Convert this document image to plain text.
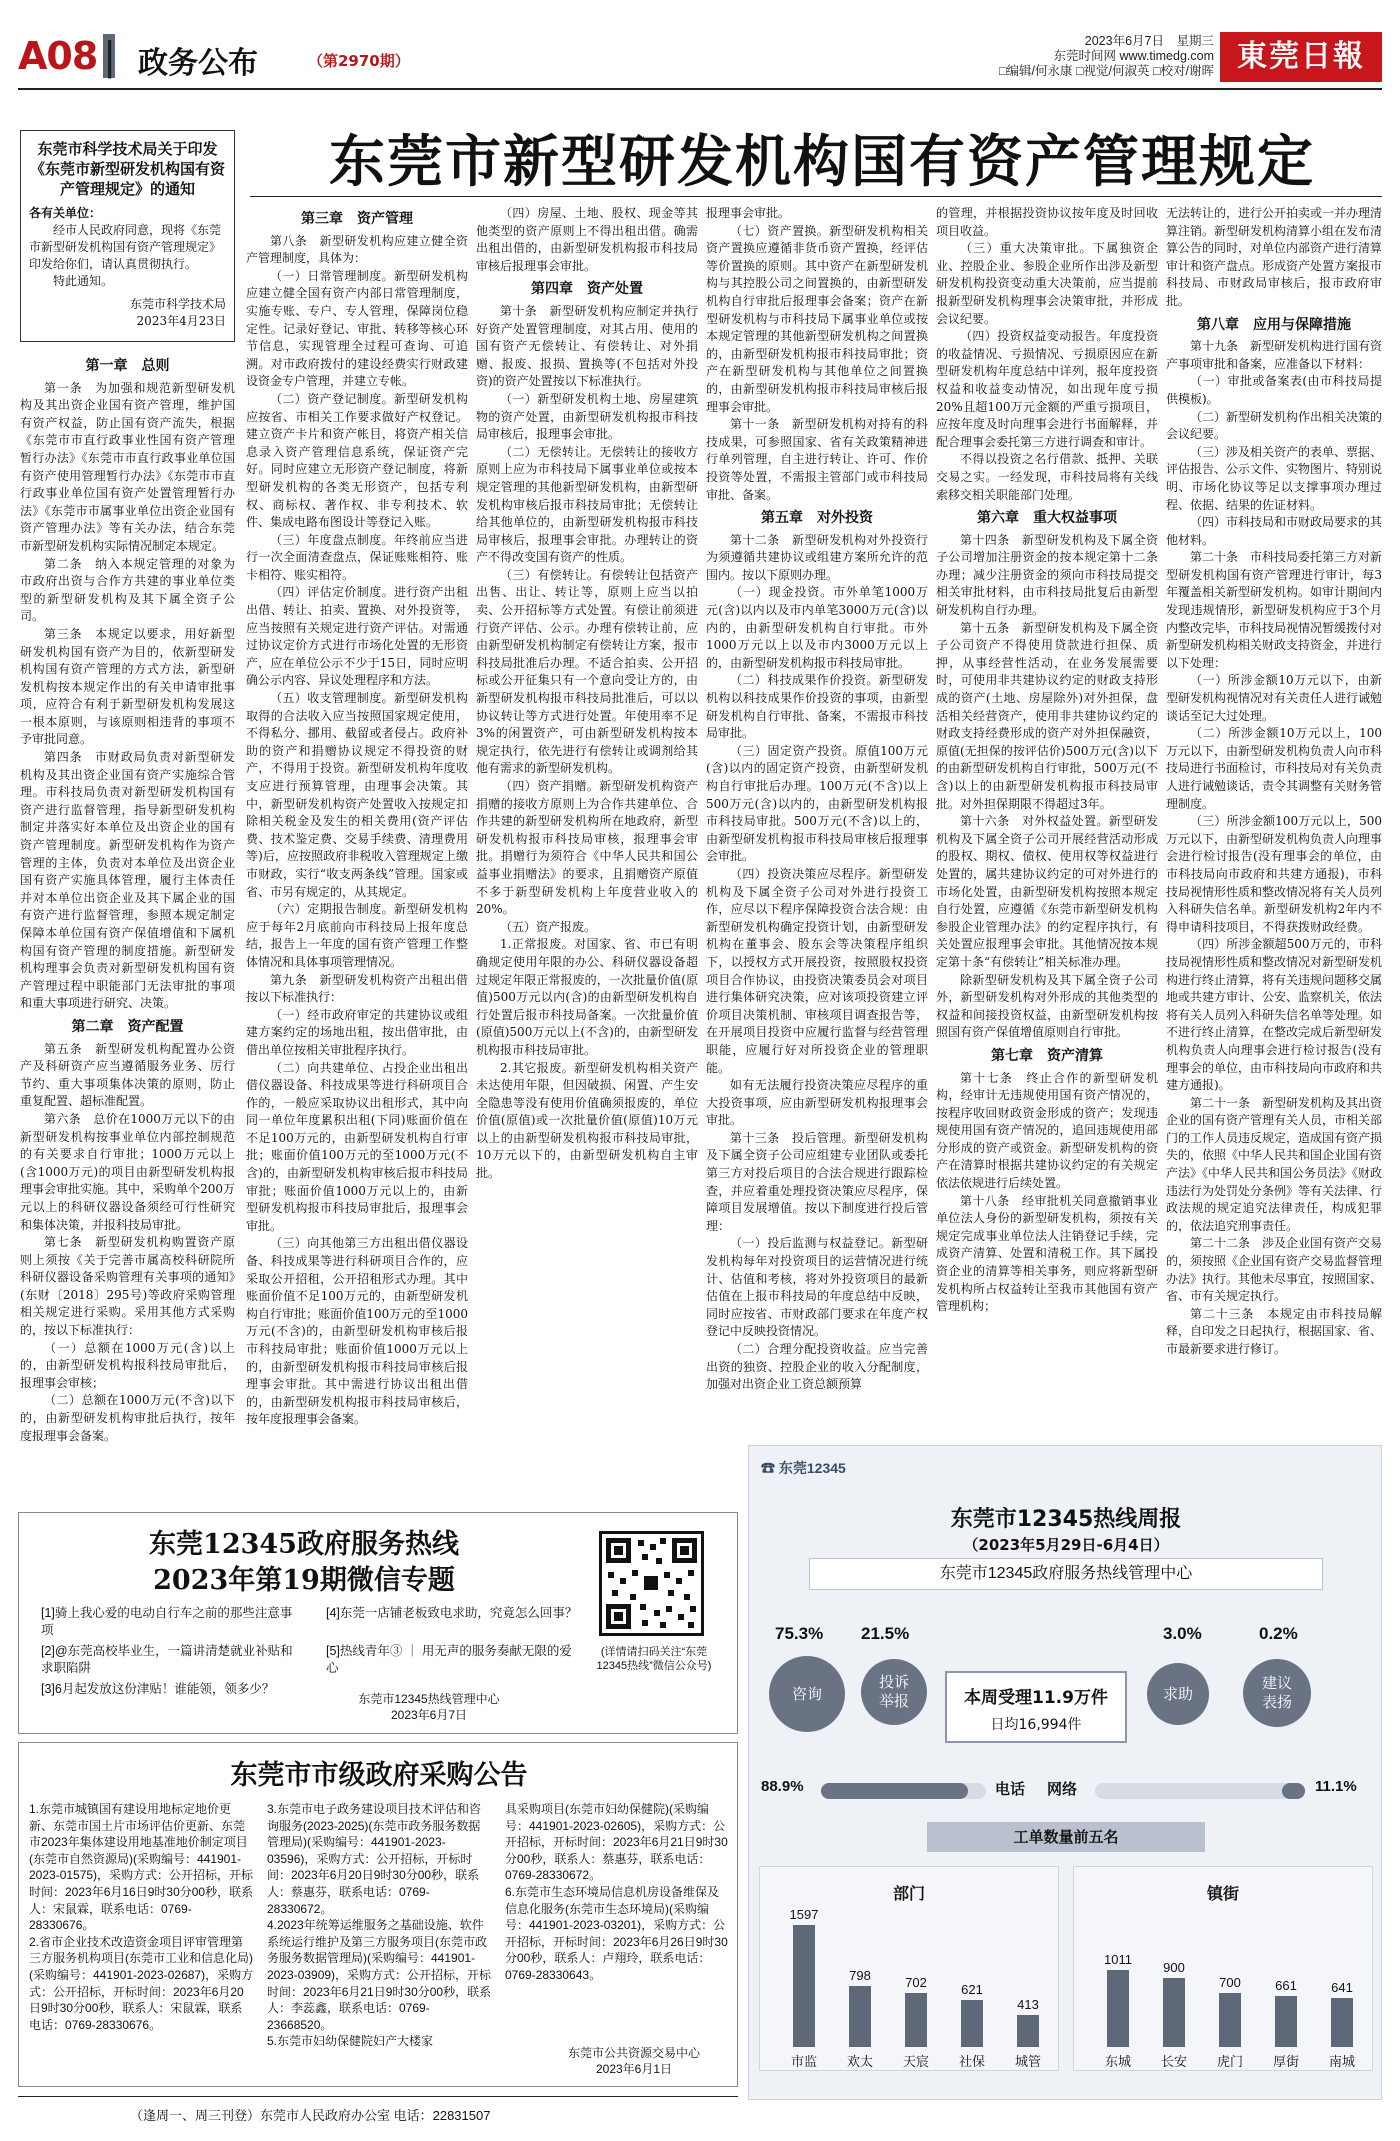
A08 | 政务公布	（第2970期）
2023年6月7日　星期三
东莞时间网 www.timedg.com
□编辑/何永康 □视觉/何淑英 □校对/谢晖 東莞日報
东莞市科学技术局关于印发《东莞市新型研发机构国有资产管理规定》的通知

各有关单位：

经市人民政府同意，现将《东莞市新型研发机构国有资产管理规定》印发给你们，请认真贯彻执行。

特此通知。

东莞市科学技术局

2023年4月23日

东莞市新型研发机构国有资产管理规定
第一章　总则

第一条　为加强和规范新型研发机构及其出资企业国有资产管理，维护国有资产权益，防止国有资产流失，根据《东莞市市直行政事业性国有资产管理暂行办法》《东莞市市直行政事业单位国有资产使用管理暂行办法》《东莞市市直行政事业单位国有资产处置管理暂行办法》《东莞市市属事业单位出资企业国有资产管理办法》等有关办法，结合东莞市新型研发机构实际情况制定本规定。

第二条　纳入本规定管理的对象为市政府出资与合作方共建的事业单位类型的新型研发机构及其下属全资子公司。

第三条　本规定以要求，用好新型研发机构国有资产为目的，依新型研发机构国有资产管理的方式方法，新型研发机构按本规定作出的有关申请审批事项，应符合有利于新型研发机构发展这一根本原则，与该原则相违背的事项不予审批同意。

第四条　市财政局负责对新型研发机构及其出资企业国有资产实施综合管理。市科技局负责对新型研发机构国有资产进行监督管理，指导新型研发机构制定并落实好本单位及出资企业的国有资产管理制度。新型研发机构作为资产管理的主体，负责对本单位及出资企业国有资产实施具体管理，履行主体责任并对本单位出资企业及其下属企业的国有资产进行监督管理，参照本规定制定保障本单位国有资产保值增值和下属机构国有资产管理的制度措施。新型研发机构理事会负责对新型研发机构国有资产管理过程中职能部门无法审批的事项和重大事项进行研究、决策。

第二章　资产配置

第五条　新型研发机构配置办公资产及科研资产应当遵循服务业务、厉行节约、重大事项集体决策的原则，防止重复配置、超标准配置。

第六条　总价在1000万元以下的由新型研发机构按事业单位内部控制规范的有关要求自行审批；1000万元以上(含1000万元)的项目由新型研发机构报理事会审批实施。其中，采购单个200万元以上的科研仪器设备须经可行性研究和集体决策，并报科技局审批。

第七条　新型研发机构购置资产原则上须按《关于完善市属高校科研院所科研仪器设备采购管理有关事项的通知》(东财〔2018〕295号)等政府采购管理相关规定进行采购。采用其他方式采购的，按以下标准执行：

（一）总额在1000万元(含)以上的，由新型研发机构报科技局审批后，报理事会审核；

（二）总额在1000万元(不含)以下的，由新型研发机构审批后执行，按年度报理事会备案。

第三章　资产管理

第八条　新型研发机构应建立健全资产管理制度，具体为：

（一）日常管理制度。新型研发机构应建立健全国有资产内部日常管理制度，实施专账、专户、专人管理，保障岗位稳定性。记录好登记、审批、转移等核心环节信息，实现管理全过程可查询、可追溯。对市政府拨付的建设经费实行财政建设资金专户管理，并建立专帐。

（二）资产登记制度。新型研发机构应按省、市相关工作要求做好产权登记。建立资产卡片和资产帐目，将资产相关信息录入资产管理信息系统，保证资产完好。同时应建立无形资产登记制度，将新型研发机构的各类无形资产，包括专利权、商标权、著作权、非专利技术、软件、集成电路布图设计等登记入账。

（三）年度盘点制度。年终前应当进行一次全面清查盘点，保证账账相符、账卡相符、账实相符。

（四）评估定价制度。进行资产出租出借、转让、拍卖、置换、对外投资等，应当按照有关规定进行资产评估。对需通过协议定价方式进行市场化处置的无形资产，应在单位公示不少于15日，同时应明确公示内容、异议处理程序和方法。

（五）收支管理制度。新型研发机构取得的合法收入应当按照国家规定使用，不得私分、挪用、截留或者侵占。政府补助的资产和捐赠协议规定不得投资的财产，不得用于投资。新型研发机构年度收支应进行预算管理，由理事会决策。其中，新型研发机构资产处置收入按规定扣除相关税金及发生的相关费用(资产评估费、技术鉴定费、交易手续费、清理费用等)后，应按照政府非税收入管理规定上缴市财政，实行“收支两条线”管理。国家或省、市另有规定的，从其规定。

（六）定期报告制度。新型研发机构应于每年2月底前向市科技局上报年度总结，报告上一年度的国有资产管理工作整体情况和具体事项管理情况。

第九条　新型研发机构资产出租出借按以下标准执行：

（一）经市政府审定的共建协议或组建方案约定的场地出租，按出借审批，由借出单位按相关审批程序执行。

（二）向共建单位、占投企业出租出借仪器设备、科技成果等进行科研项目合作的，一般应采取协议出租形式，其中向同一单位年度累积出租(下同)账面价值在不足100万元的，由新型研发机构自行审批；账面价值100万元的至1000万元(不含)的，由新型研发机构审核后报市科技局审批；账面价值1000万元以上的，由新型研发机构报市科技局审批后，报理事会审批。

（三）向其他第三方出租出借仪器设备、科技成果等进行科研项目合作的，应采取公开招租，公开招租形式办理。其中账面价值不足100万元的，由新型研发机构自行审批；账面价值100万元的至1000万元(不含)的，由新型研发机构审核后报市科技局审批；账面价值1000万元以上的，由新型研发机构报市科技局审核后报理事会审批。其中需进行协议出租出借的，由新型研发机构报市科技局审核后，按年度报理事会备案。

（四）房屋、土地、股权、现金等其他类型的资产原则上不得出租出借。确需出租出借的，由新型研发机构报市科技局审核后报理事会审批。

第四章　资产处置

第十条　新型研发机构应制定并执行好资产处置管理制度，对其占用、使用的国有资产无偿转让、有偿转让、对外捐赠、报废、报损、置换等(不包括对外投资)的资产处置按以下标准执行。

（一）新型研发机构土地、房屋建筑物的资产处置，由新型研发机构报市科技局审核后，报理事会审批。

（二）无偿转让。无偿转让的接收方原则上应为市科技局下属事业单位或按本规定管理的其他新型研发机构，由新型研发机构审核后报市科技局审批；无偿转让给其他单位的，由新型研发机构报市科技局审核后，报理事会审批。办理转让的资产不得改变国有资产的性质。

（三）有偿转让。有偿转让包括资产出售、出让、转让等，原则上应当以拍卖、公开招标等方式处置。有偿让前须进行资产评估、公示。办理有偿转让前，应由新型研发机构制定有偿转让方案，报市科技局批准后办理。不适合拍卖、公开招标或公开征集只有一个意向受让方的，由新型研发机构报市科技局批准后，可以以协议转让等方式进行处置。年使用率不足3%的闲置资产，可由新型研发机构按本规定执行，依先进行有偿转让或调剂给其他有需求的新型研发机构。

（四）资产捐赠。新型研发机构资产捐赠的接收方原则上为合作共建单位、合作共建的新型研发机构所在地政府，新型研发机构报市科技局审核，报理事会审批。捐赠行为须符合《中华人民共和国公益事业捐赠法》的要求，且捐赠资产原值不多于新型研发机构上年度营业收入的20%。

（五）资产报废。

1.正常报废。对国家、省、市已有明确规定使用年限的办公、科研仪器设备超过规定年限正常报废的，一次批量价值(原值)500万元以内(含)的由新型研发机构自行处置后报市科技局备案。一次批量价值(原值)500万元以上(不含)的，由新型研发机构报市科技局审批。

2.其它报废。新型研发机构相关资产未达使用年限，但因破损、闲置、产生安全隐患等没有使用价值确须报废的，单位价值(原值)或一次批量价值(原值)10万元以上的由新型研发机构报市科技局审批，10万元以下的，由新型研发机构自主审批。

报理事会审批。

（七）资产置换。新型研发机构相关资产置换应遵循非货币资产置换，经评估等价置换的原则。其中资产在新型研发机构与其控股公司之间置换的，由新型研发机构自行审批后报理事会备案；资产在新型研发机构与市科技局下属事业单位或按本规定管理的其他新型研发机构之间置换的，由新型研发机构报市科技局审批；资产在新型研发机构与其他单位之间置换的，由新型研发机构报市科技局审核后报理事会审批。

第十一条　新型研发机构对持有的科技成果，可参照国家、省有关政策精神进行单列管理，自主进行转让、许可、作价投资等处置，不需报主管部门或市科技局审批、备案。

第五章　对外投资

第十二条　新型研发机构对外投资行为须遵循共建协议或组建方案所允许的范围内。按以下原则办理。

（一）现金投资。市外单笔1000万元(含)以内以及市内单笔3000万元(含)以内的，由新型研发机构自行审批。市外1000万元以上以及市内3000万元以上的，由新型研发机构报市科技局审批。

（二）科技成果作价投资。新型研发机构以科技成果作价投资的事项，由新型研发机构自行审批、备案，不需报市科技局审批。

（三）固定资产投资。原值100万元(含)以内的固定资产投资，由新型研发机构自行审批后办理。100万元(不含)以上500万元(含)以内的，由新型研发机构报市科技局审批。500万元(不含)以上的，由新型研发机构报市科技局审核后报理事会审批。

（四）投资决策应尽程序。新型研发机构及下属全资子公司对外进行投资工作，应尽以下程序保障投资合法合规：由新型研发机构确定投资计划，由新型研发机构在董事会、股东会等决策程序组织下，以授权方式开展投资，按照股权投资项目合作协议，由投资决策委员会对项目进行集体研究决策，应对该项投资建立评价项目决策机制、审核项目调查报告等，在开展项目投资中应履行监督与经营管理职能，应履行好对所投资企业的管理职能。

如有无法履行投资决策应尽程序的重大投资事项，应由新型研发机构报理事会审批。

第十三条　投后管理。新型研发机构及下属全资子公司应组建专业团队或委托第三方对投后项目的合法合规进行跟踪检查，并应着重处理投资决策应尽程序，保障项目发展增值。按以下制度进行投后管理：

（一）投后监测与权益登记。新型研发机构每年对投资项目的运营情况进行统计、估值和考核，将对外投资项目的最新估值在上报市科技局的年度总结中反映，同时应按省、市财政部门要求在年度产权登记中反映投资情况。

（二）合理分配投资收益。应当完善出资的独资、控股企业的收入分配制度，加强对出资企业工资总额预算

的管理，并根据投资协议按年度及时回收项目收益。

（三）重大决策审批。下属独资企业、控股企业、参股企业所作出涉及新型研发机构投资变动重大决策前，应当提前报新型研发机构理事会决策审批，并形成会议纪要。

（四）投资权益变动报告。年度投资的收益情况、亏损情况、亏损原因应在新型研发机构年度总结中详列，报年度投资权益和收益变动情况，如出现年度亏损20%且超100万元金额的严重亏损项目，应按年度及时向理事会进行书面解释，并配合理事会委托第三方进行调查和审计。

不得以投资之名行借款、抵押、关联交易之实。一经发现，市科技局将有关线索移交相关职能部门处理。

第六章　重大权益事项

第十四条　新型研发机构及下属全资子公司增加注册资金的按本规定第十二条办理；减少注册资金的须向市科技局提交相关审批材料，由市科技局批复后由新型研发机构自行办理。

第十五条　新型研发机构及下属全资子公司资产不得使用贷款进行担保、质押，从事经营性活动，在业务发展需要时，可使用非共建协议约定的财政支持形成的资产(土地、房屋除外)对外担保，盘活相关经营资产，使用非共建协议约定的财政支持经费形成的资产对外担保融资，原值(无担保的按评估价)500万元(含)以下的由新型研发机构自行审批，500万元(不含)以上的由新型研发机构报市科技局审批。对外担保期限不得超过3年。

第十六条　对外权益处置。新型研发机构及下属全资子公司开展经营活动形成的股权、期权、债权、使用权等权益进行处置的，属共建协议约定的可对外进行的市场化处置，由新型研发机构按照本规定自行处置，应遵循《东莞市新型研发机构参股企业管理办法》的约定程序执行，有关处置应报理事会审批。其他情况按本规定第十条“有偿转让”相关标准办理。

除新型研发机构及其下属全资子公司外，新型研发机构对外形成的其他类型的权益和间接投资权益，由新型研发机构按照国有资产保值增值原则自行审批。

第七章　资产清算

第十七条　终止合作的新型研发机构，经审计无违规使用国有资产情况的，按程序收回财政资金形成的资产；发现违规使用国有资产情况的，追回违规使用部分形成的资产或资金。新型研发机构的资产在清算时根据共建协议约定的有关规定依法依规进行后续处置。

第十八条　经审批机关同意撤销事业单位法人身份的新型研发机构，须按有关规定完成事业单位法人注销登记手续，完成资产清算、处置和清税工作。其下属投资企业的清算等相关事务，则应将新型研发机构所占权益转让至我市其他国有资产管理机构；

无法转让的，进行公开拍卖或一并办理清算注销。新型研发机构清算小组在发布清算公告的同时，对单位内部资产进行清算审计和资产盘点。形成资产处置方案报市科技局、市财政局审核后，报市政府审批。

第八章　应用与保障措施

第十九条　新型研发机构进行国有资产事项审批和备案，应准备以下材料：

（一）审批或备案表(由市科技局提供模板)。

（二）新型研发机构作出相关决策的会议纪要。

（三）涉及相关资产的表单、票据、评估报告、公示文件、实物图片、特别说明、市场化协议等足以支撑事项办理过程、依据、结果的佐证材料。

（四）市科技局和市财政局要求的其他材料。

第二十条　市科技局委托第三方对新型研发机构国有资产管理进行审计，每3年覆盖相关新型研发机构。如审计期间内发现违规情形，新型研发机构应于3个月内整改完毕，市科技局视情况暂缓拨付对新型研发机构相关财政支持资金，并进行以下处理：

（一）所涉金额10万元以下，由新型研发机构视情况对有关责任人进行诫勉谈话至记大过处理。

（二）所涉金额10万元以上，100万元以下，由新型研发机构负责人向市科技局进行书面检讨，市科技局对有关负责人进行诫勉谈话，责令其调整有关财务管理制度。

（三）所涉金额100万元以上，500万元以下，由新型研发机构负责人向理事会进行检讨报告(没有理事会的单位，由市科技局向市政府和共建方通报)，市科技局视情形性质和整改情况将有关人员列入科研失信名单。新型研发机构2年内不得申请科技项目，不得获拨财政经费。

（四）所涉金额超500万元的，市科技局视情形性质和整改情况对新型研发机构进行终止清算，将有关违规问题移交属地或共建方审计、公安、监察机关，依法将有关人员列入科研失信名单等处理。如不进行终止清算，在整改完成后新型研发机构负责人向理事会进行检讨报告(没有理事会的单位，由市科技局向市政府和共建方通报)。

第二十一条　新型研发机构及其出资企业的国有资产管理有关人员，市相关部门的工作人员违反规定，造成国有资产损失的，依照《中华人民共和国企业国有资产法》《中华人民共和国公务员法》《财政违法行为处罚处分条例》等有关法律、行政法规的规定追究法律责任，构成犯罪的，依法追究刑事责任。

第二十二条　涉及企业国有资产交易的，须按照《企业国有资产交易监督管理办法》执行。其他未尽事宜，按照国家、省、市有关规定执行。

第二十三条　本规定由市科技局解释，自印发之日起执行，根据国家、省、市最新要求进行修订。

东莞12345政府服务热线
2023年第19期微信专题
[1]骑上我心爱的电动自行车之前的那些注意事项
[4]东莞一店铺老板致电求助，究竟怎么回事？
[2]@东莞高校毕业生，一篇讲清楚就业补贴和求职陷阱
[5]热线青年③ ｜ 用无声的服务奏献无限的爱心
[3]6月起发放这份津贴！谁能领，领多少？
(详情请扫码关注“东莞12345热线”微信公众号)
东莞市12345热线管理中心
2023年6月7日
东莞市市级政府采购公告
1.东莞市城镇国有建设用地标定地价更新、东莞市国土片市场评估价更新、东莞市2023年集体建设用地基准地价制定项目(东莞市自然资源局)(采购编号：441901-2023-01575)，采购方式：公开招标，开标时间：2023年6月16日9时30分00秒，联系人：宋鼠霖，联系电话：0769-28330676。
2.省市企业技术改造资金项目评审管理第三方服务机构项目(东莞市工业和信息化局)(采购编号：441901-2023-02687)，采购方式：公开招标，开标时间：2023年6月20日9时30分00秒，联系人：宋鼠霖，联系电话：0769-28330676。
3.东莞市电子政务建设项目技术评估和咨询服务(2023-2025)(东莞市政务服务数据管理局)(采购编号：441901-2023-03596)，采购方式：公开招标，开标时间：2023年6月20日9时30分00秒，联系人：蔡惠芬，联系电话：0769-28330672。
4.2023年统筹运维服务之基础设施、软件系统运行维护及第三方服务项目(东莞市政务服务数据管理局)(采购编号：441901-2023-03909)，采购方式：公开招标，开标时间：2023年6月21日9时30分00秒，联系人：李蕊鑫，联系电话：0769-23668520。
5.东莞市妇幼保健院妇产大楼家
具采购项目(东莞市妇幼保健院)(采购编号：441901-2023-02605)，采购方式：公开招标，开标时间：2023年6月21日9时30分00秒，联系人：蔡惠芬，联系电话：0769-28330672。
6.东莞市生态环境局信息机房设备维保及信息化服务(东莞市生态环境局)(采购编号：441901-2023-03201)，采购方式：公开招标，开标时间：2023年6月26日9时30分00秒，联系人：卢翔玲，联系电话：0769-28330643。
东莞市公共资源交易中心
2023年6月1日
（逢周一、周三刊登）东莞市人民政府办公室 电话：22831507
☎ 东莞12345
东莞市12345热线周报
（2023年5月29日-6月4日）
东莞市12345政府服务热线管理中心
75.3%
咨询
21.5%
投诉
举报	本周受理11.9万件
日均16,994件
3.0%
求助
0.2%
建议
表扬
88.9%	电话 网络	11.1%
工单数量前五名
部门
1597
市监
798
欢太
702
天宸
621
社保
413
城管
镇街
1011
东城
900
长安
700
虎门
661
厚街
641
南城
